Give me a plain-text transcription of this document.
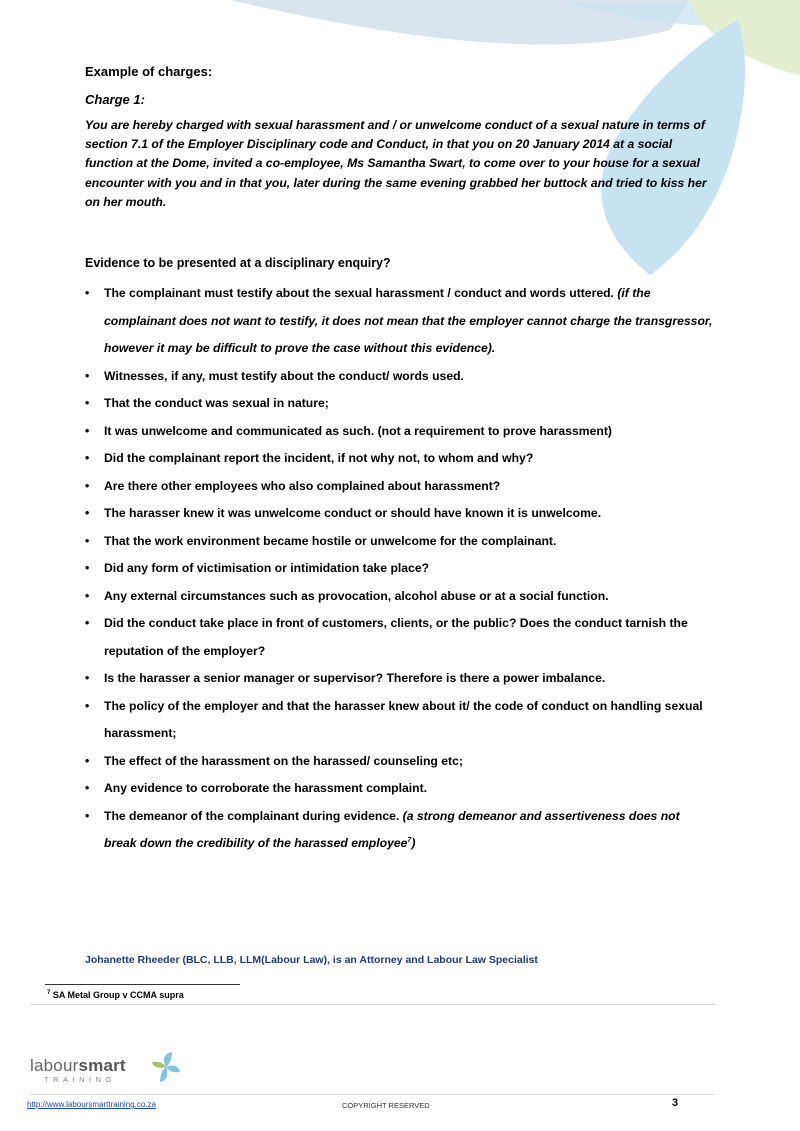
Example of charges:

Charge 1:

You are hereby charged with sexual harassment and / or unwelcome conduct of a sexual nature in terms of section 7.1 of the Employer Disciplinary code and Conduct, in that you on 20 January 2014 at a social function at the Dome, invited a co-employee, Ms Samantha Swart, to come over to your house for a sexual encounter with you and in that you, later during the same evening grabbed her buttock and tried to kiss her on her mouth.

Evidence to be presented at a disciplinary enquiry?

• The complainant must testify about the sexual harassment / conduct and words uttered. (if the complainant does not want to testify, it does not mean that the employer cannot charge the transgressor, however it may be difficult to prove the case without this evidence).
• Witnesses, if any, must testify about the conduct/ words used.
• That the conduct was sexual in nature;
• It was unwelcome and communicated as such. (not a requirement to prove harassment)
• Did the complainant report the incident, if not why not, to whom and why?
• Are there other employees who also complained about harassment?
• The harasser knew it was unwelcome conduct or should have known it is unwelcome.
• That the work environment became hostile or unwelcome for the complainant.
• Did any form of victimisation or intimidation take place?
• Any external circumstances such as provocation, alcohol abuse or at a social function.
• Did the conduct take place in front of customers, clients, or the public? Does the conduct tarnish the reputation of the employer?
• Is the harasser a senior manager or supervisor? Therefore is there a power imbalance.
• The policy of the employer and that the harasser knew about it/ the code of conduct on handling sexual harassment;
• The effect of the harassment on the harassed/ counseling etc;
• Any evidence to corroborate the harassment complaint.
• The demeanor of the complainant during evidence. (a strong demeanor and assertiveness does not break down the credibility of the harassed employee$^7$)
Johanette Rheeder (BLC, LLB, LLM(Labour Law), is an Attorney and Labour Law Specialist
$^7$ SA Metal Group v CCMA supra
laboursmart
TRAINING
http://www.laboursmarttraining.co.za	COPYRIGHT RESERVED	3
